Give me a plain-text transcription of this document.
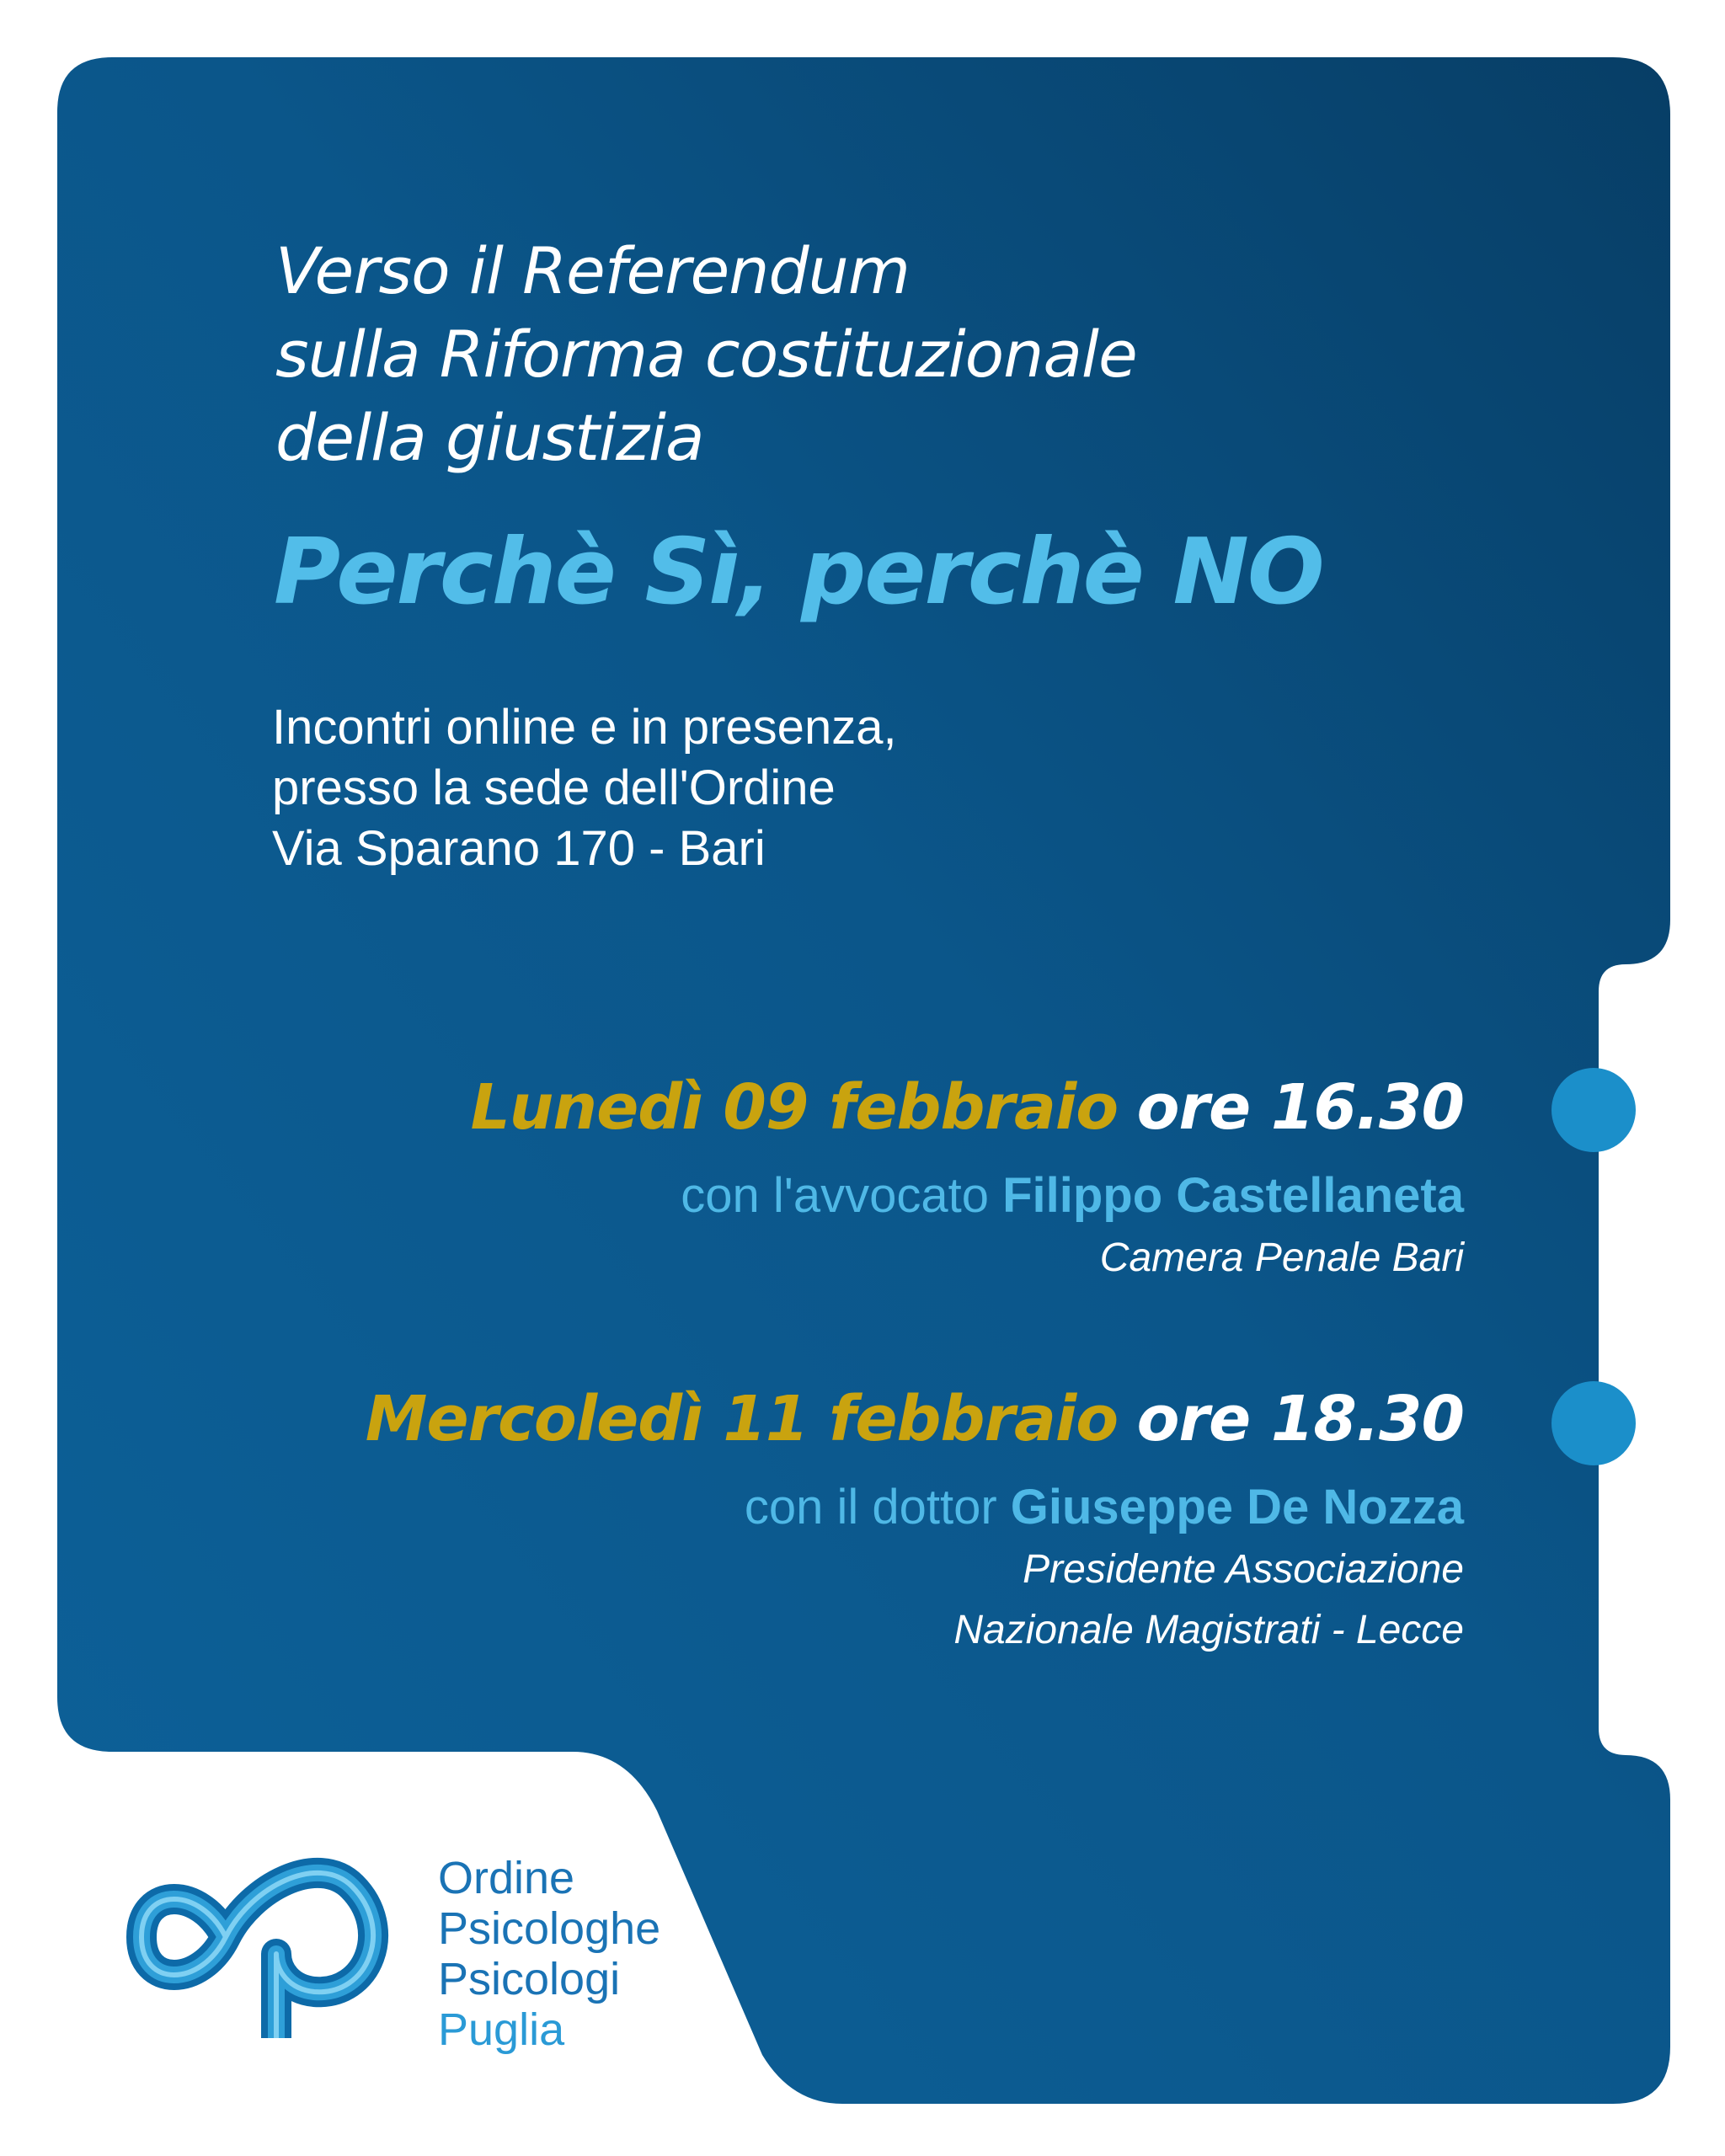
Verso il Referendum
sulla Riforma costituzionale
della giustizia
Perchè Sì, perchè NO
Incontri online e in presenza,
presso la sede dell'Ordine
Via Sparano 170 - Bari
Lunedì 09 febbraio ore 16.30
con l'avvocato Filippo Castellaneta
Camera Penale Bari
Mercoledì 11 febbraio ore 18.30
con il dottor Giuseppe De Nozza
Presidente Associazione
Nazionale Magistrati - Lecce
Ordine
Psicologhe
Psicologi
Puglia
